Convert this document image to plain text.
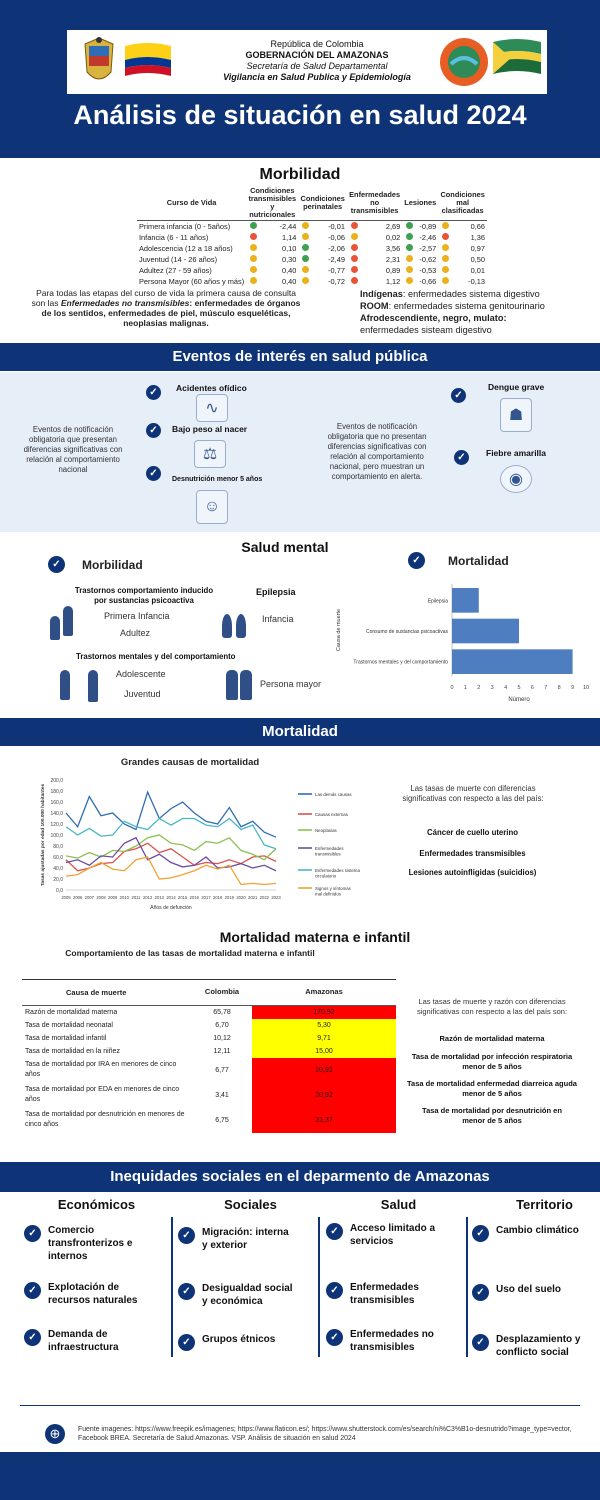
República de Colombia
GOBERNACIÓN DEL AMAZONAS
Secretaría de Salud Departamental
Vigilancia en Salud Publica y Epidemiología
Análisis de situación en salud 2024
Morbilidad
Curso de Vida	Condiciones transmisibles y nutricionales	Condiciones perinatales	Enfermedades no transmisibles	Lesiones	Condiciones mal clasificadas
Primera infancia (0 - 5años)	-2,44	-0,01	2,69	-0,89	0,66
Infancia (6 - 11 años)	1,14	-0,06	0,02	-2,46	1,36
Adolescencia (12 a 18 años)	0,10	-2,06	3,56	-2,57	0,97
Juventud (14 - 26 años)	0,30	-2,49	2,31	-0,62	0,50
Adultez (27 - 59 años)	0,40	-0,77	0,89	-0,53	0,01
Persona Mayor (60 años y más)	0,40	-0,72	1,12	-0,66	-0,13
Para todas las etapas del curso de vida la primera causa de consulta son las Enfermedades no transmisibles: enfermedades de órganos de los sentidos, enfermedades de piel, músculo esqueléticas, neoplasias malignas.
Indígenas: enfermedades sistema digestivo
ROOM: enfermedades sistema genitourinario
Afrodescendiente, negro, mulato:
enfermedades sisteam digestivo
Eventos de interés en salud pública
Eventos de notificación obligatoria que presentan diferencias significativas con relación al comportamiento nacional
✓	Acidentes ofídico
∿
✓	Bajo peso al nacer
⚖
✓
Desnutrición menor 5 años
☺
Eventos de notificación obligatoria que no presentan diferencias significativas con relación al comportamiento nacional, pero muestran un comportamiento en alerta.
✓
Dengue grave
☗
✓	Fiebre amarilla
◉
Salud mental
✓	Morbilidad	✓	Mortalidad
Trastornos comportamiento inducido por sustancias psicoactiva
Primera Infancia
Adultez
Epilepsia
Infancia
Trastornos mentales y del comportamiento
Adolescente
Juventud
Persona mayor
Epilepsia
Consumo de sustancias psicoactivas
Trastornos mentales y del comportamiento
0 1 2 3 4 5 6 7 8 9 10
Número
Causa de muerte
Mortalidad
Grandes causas de mortalidad
0,0
20,0
40,0
60,0
80,0
100,0
120,0
140,0
160,0
180,0
200,0
2005 2006 2007 2008 2009 2010 2011 2012 2013 2014 2015 2016 2017 2018 2019 2020 2021 2022 2023
Años de defunción
Tasas ajustadas por edad 100.000 habitantes	Las demás causas
Causas externas
Neoplasias
Enfermedades transmisibles
Enfermedades sistema circulatorio
Signos y síntomas mal definidos
Las tasas de muerte con diferencias significativas con respecto a las del país:
Cáncer de cuello uterino
Enfermedades transmisibles
Lesiones autoinfligidas (suicidios)
Mortalidad materna e infantil
Comportamiento de las tasas de mortalidad materna e infantil
Causa de muerte	Colombia	Amazonas
Razón de mortalidad materna	65,78	170,92
Tasa de mortalidad neonatal	6,70	5,30
Tasa de mortalidad infantil	10,12	9,71
Tasa de mortalidad en la niñez	12,11	15,00
Tasa de mortalidad por IRA en menores de cinco años	6,77	20,92
Tasa de mortalidad por EDA en menores de cinco años	3,41	20,92
Tasa de mortalidad por desnutrición en menores de cinco años	6,75	31,37
Las tasas de muerte y razón con diferencias significativas con respecto a las del país son:
Razón de mortalidad materna
Tasa de mortalidad por infección respiratoria menor de 5 años
Tasa de mortalidad enfermedad diarreica aguda menor de 5 años
Tasa de mortalidad por desnutrición en menor de 5 años
Inequidades sociales en el deparmento de Amazonas
Económicos
✓	Comercio transfronterizos e internos
✓	Explotación de recursos naturales
✓	Demanda de infraestructura
Sociales
✓	Migración: interna y exterior
✓	Desigualdad social y económica
✓	Grupos étnicos
Salud
✓	Acceso limitado a servicios
✓	Enfermedades transmisibles
✓	Enfermedades no transmisibles
Territorio
✓	Cambio climático
✓	Uso del suelo
✓	Desplazamiento y conflicto social
⊕	Fuente imagenes: https://www.freepik.es/imagenes; https://www.flaticon.es/; https://www.shutterstock.com/es/search/ni%C3%B1o-desnutrido?image_type=vector, Facebook BREA. Secretaría de Salud Amazonas. VSP. Análisis de situación en salud 2024
